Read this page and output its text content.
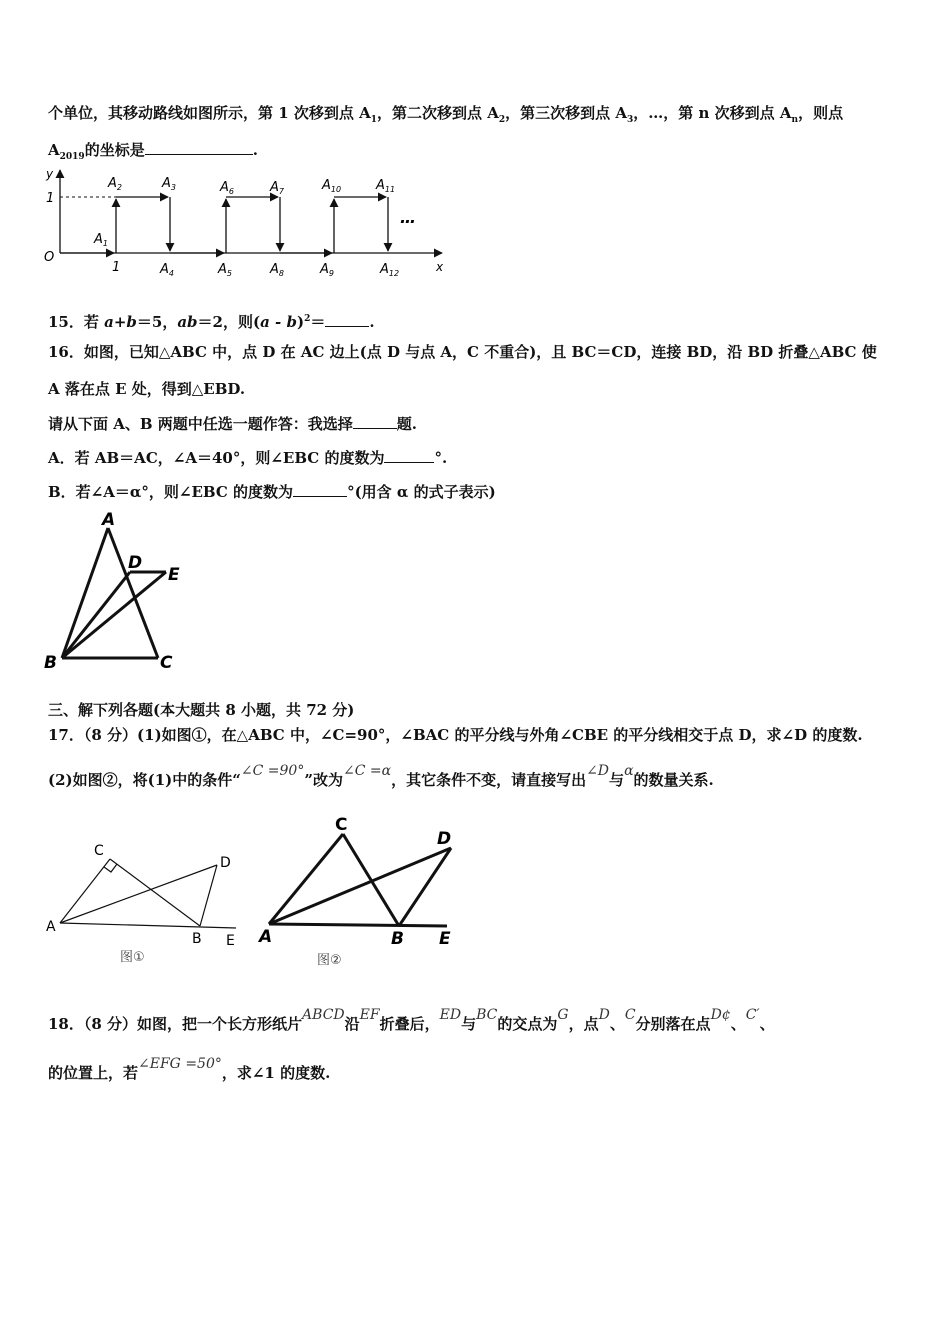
个单位，其移动路线如图所示，第 1 次移到点 $A_1$，第二次移到点 $A_2$，第三次移到点 $A_3$，…，第 n 次移到点 $A_n$，则点
$A_{2019}$的坐标是	.
y
x
O
1
1
…
$A_1$
$A_2$	$A_3$
$A_4$	$A_5$
$A_6$	$A_7$
$A_8$	$A_9$
$A_{10}$	$A_{11}$
$A_{12}$
15．若 a+b＝5，ab＝2，则(a - b)$^2$＝	.
16．如图，已知△ABC 中，点 D 在 AC 边上(点 D 与点 A，C 不重合)，且 BC＝CD，连接 BD，沿 BD 折叠△ABC 使
A 落在点 E 处，得到△EBD.
请从下面 A、B 两题中任选一题作答：我选择	题.
A．若 AB＝AC，∠A＝40°，则∠EBC 的度数为	°.
B．若∠A＝α°，则∠EBC 的度数为	°(用含 α 的式子表示)
A
D
E
B	C
三、解下列各题(本大题共 8 小题，共 72 分)
17．（8 分）(1)如图①，在△ABC 中，∠C=90°，∠BAC 的平分线与外角∠CBE 的平分线相交于点 D，求∠D 的度数.
(2)如图②，将(1)中的条件“∠C =90°”改为∠C =α，其它条件不变，请直接写出∠D与α的数量关系.
C
D
A
B E
图①
C
D
A	B E
图②
18．（8 分）如图，把一个长方形纸片ABCD沿EF折叠后，ED与BC的交点为G，点D、C分别落在点D¢、C′、
的位置上，若∠EFG =50°，求∠1 的度数.
